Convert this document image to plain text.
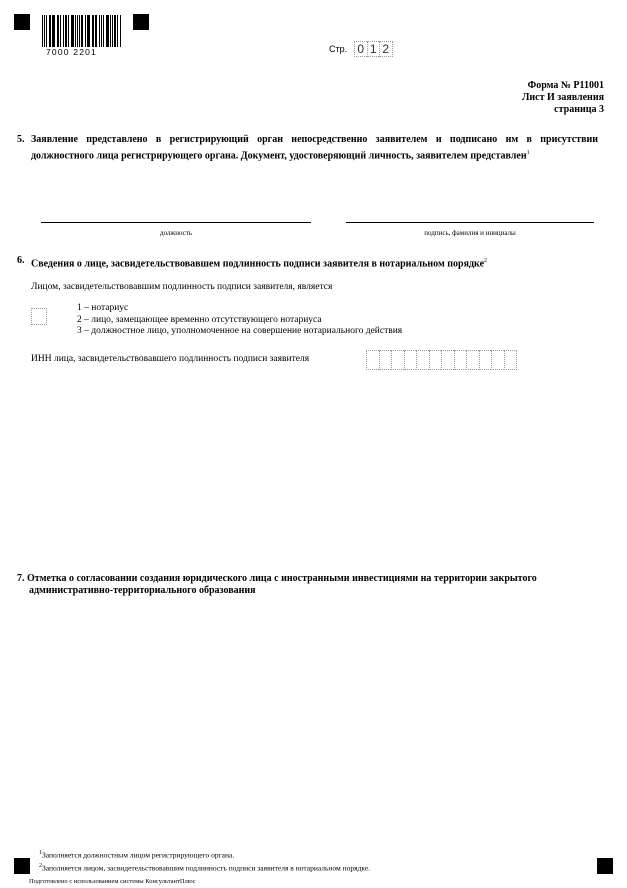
7000 2201	Стр. 0 1 2
Форма № Р11001
Лист И заявления
страница 3
5. Заявление представлено в регистрирующий орган непосредственно заявителем и подписано им в присутствии
должностного лица регистрирующего органа. Документ, удостоверяющий личность, заявителем представлен$^1$
должность	подпись, фамилия и инициалы
6. Сведения о лице, засвидетельствовавшем подлинность подписи заявителя в нотариальном порядке$^2$
Лицом, засвидетельствовавшим подлинность подписи заявителя, является
1 – нотариус
2 – лицо, замещающее временно отсутствующего нотариуса
3 – должностное лицо, уполномоченное на совершение нотариального действия
ИНН лица, засвидетельствовавшего подлинность подписи заявителя
7. Отметка о согласовании создания юридического лица с иностранными инвестициями на территории закрытого
административно-территориального образования
$^1$Заполняется должностным лицом регистрирующего органа.
$^2$Заполняется лицом, засвидетельствовавшим подлинность подписи заявителя в нотариальном порядке.
Подготовлено с использованием системы КонсультантПлюс
